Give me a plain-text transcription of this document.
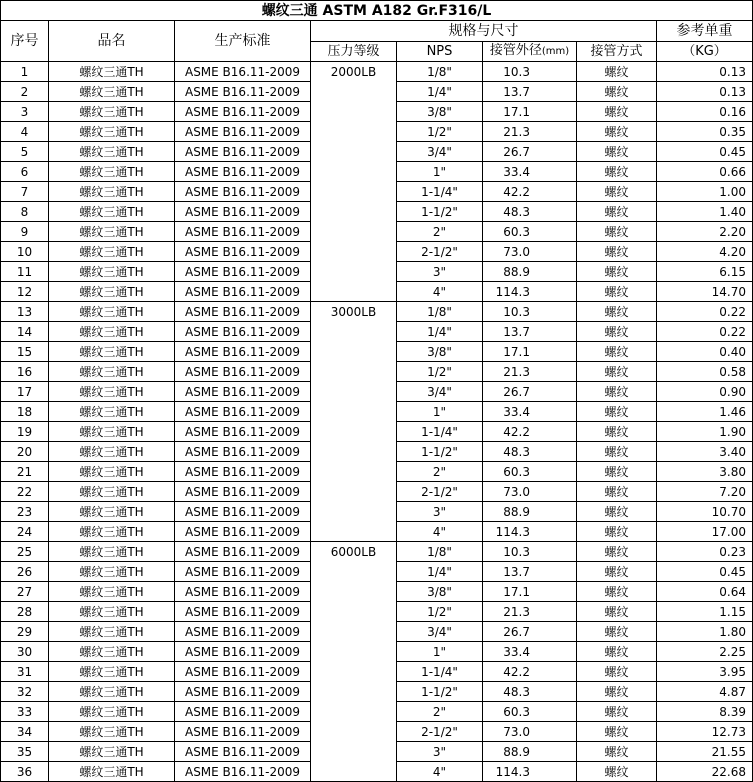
螺纹三通 ASTM A182 Gr.F316/L							
序号	品名	生产标准	规格与尺寸				参考单重
			压力等级	NPS	接管外径(mm)	接管方式	（KG）
1	螺纹三通TH	ASME B16.11-2009	2000LB	1/8"	10.3	螺纹	0.13
2	螺纹三通TH	ASME B16.11-2009		1/4"	13.7	螺纹	0.13
3	螺纹三通TH	ASME B16.11-2009		3/8"	17.1	螺纹	0.16
4	螺纹三通TH	ASME B16.11-2009		1/2"	21.3	螺纹	0.35
5	螺纹三通TH	ASME B16.11-2009		3/4"	26.7	螺纹	0.45
6	螺纹三通TH	ASME B16.11-2009		1"	33.4	螺纹	0.66
7	螺纹三通TH	ASME B16.11-2009		1-1/4"	42.2	螺纹	1.00
8	螺纹三通TH	ASME B16.11-2009		1-1/2"	48.3	螺纹	1.40
9	螺纹三通TH	ASME B16.11-2009		2"	60.3	螺纹	2.20
10	螺纹三通TH	ASME B16.11-2009		2-1/2"	73.0	螺纹	4.20
11	螺纹三通TH	ASME B16.11-2009		3"	88.9	螺纹	6.15
12	螺纹三通TH	ASME B16.11-2009		4"	114.3	螺纹	14.70
13	螺纹三通TH	ASME B16.11-2009	3000LB	1/8"	10.3	螺纹	0.22
14	螺纹三通TH	ASME B16.11-2009		1/4"	13.7	螺纹	0.22
15	螺纹三通TH	ASME B16.11-2009		3/8"	17.1	螺纹	0.40
16	螺纹三通TH	ASME B16.11-2009		1/2"	21.3	螺纹	0.58
17	螺纹三通TH	ASME B16.11-2009		3/4"	26.7	螺纹	0.90
18	螺纹三通TH	ASME B16.11-2009		1"	33.4	螺纹	1.46
19	螺纹三通TH	ASME B16.11-2009		1-1/4"	42.2	螺纹	1.90
20	螺纹三通TH	ASME B16.11-2009		1-1/2"	48.3	螺纹	3.40
21	螺纹三通TH	ASME B16.11-2009		2"	60.3	螺纹	3.80
22	螺纹三通TH	ASME B16.11-2009		2-1/2"	73.0	螺纹	7.20
23	螺纹三通TH	ASME B16.11-2009		3"	88.9	螺纹	10.70
24	螺纹三通TH	ASME B16.11-2009		4"	114.3	螺纹	17.00
25	螺纹三通TH	ASME B16.11-2009	6000LB	1/8"	10.3	螺纹	0.23
26	螺纹三通TH	ASME B16.11-2009		1/4"	13.7	螺纹	0.45
27	螺纹三通TH	ASME B16.11-2009		3/8"	17.1	螺纹	0.64
28	螺纹三通TH	ASME B16.11-2009		1/2"	21.3	螺纹	1.15
29	螺纹三通TH	ASME B16.11-2009		3/4"	26.7	螺纹	1.80
30	螺纹三通TH	ASME B16.11-2009		1"	33.4	螺纹	2.25
31	螺纹三通TH	ASME B16.11-2009		1-1/4"	42.2	螺纹	3.95
32	螺纹三通TH	ASME B16.11-2009		1-1/2"	48.3	螺纹	4.87
33	螺纹三通TH	ASME B16.11-2009		2"	60.3	螺纹	8.39
34	螺纹三通TH	ASME B16.11-2009		2-1/2"	73.0	螺纹	12.73
35	螺纹三通TH	ASME B16.11-2009		3"	88.9	螺纹	21.55
36	螺纹三通TH	ASME B16.11-2009		4"	114.3	螺纹	22.68
